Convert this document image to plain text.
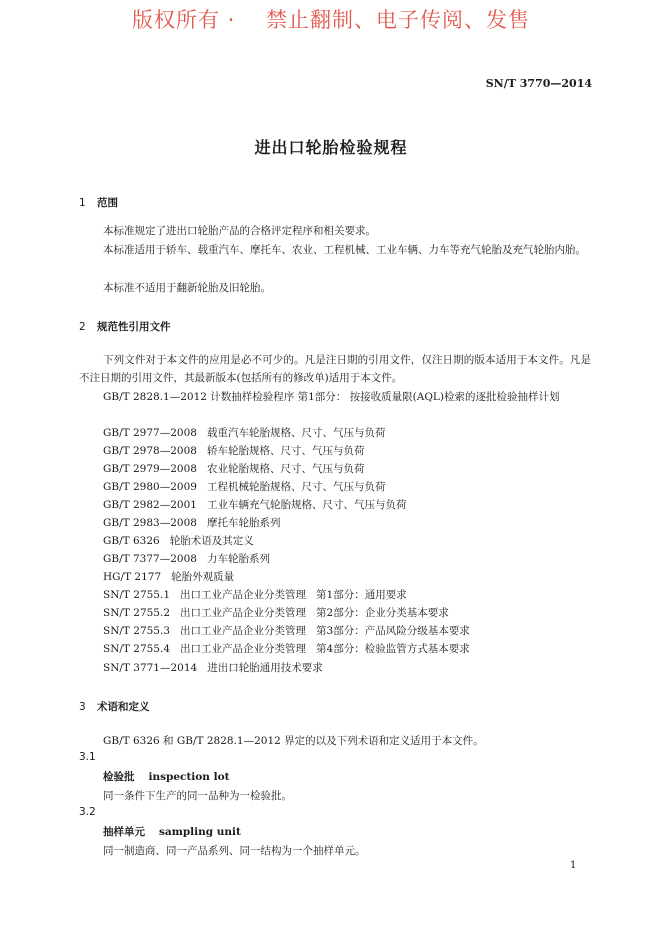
版权所有 ·    禁止翻制、电子传阅、发售
SN/T 3770—2014
进出口轮胎检验规程
1 范围

本标准规定了进出口轮胎产品的合格评定程序和相关要求。

本标准适用于轿车、载重汽车、摩托车、农业、工程机械、工业车辆、力车等充气轮胎及充气轮胎内胎。

本标准不适用于翻新轮胎及旧轮胎。

2 规范性引用文件

下列文件对于本文件的应用是必不可少的。凡是注日期的引用文件，仅注日期的版本适用于本文件。凡是不注日期的引用文件，其最新版本(包括所有的修改单)适用于本文件。

GB/T 2828.1—2012 计数抽样检验程序 第1部分： 按接收质量限(AQL)检索的逐批检验抽样计划

GB/T 2977—2008   载重汽车轮胎规格、尺寸、气压与负荷
GB/T 2978—2008   轿车轮胎规格、尺寸、气压与负荷
GB/T 2979—2008   农业轮胎规格、尺寸、气压与负荷
GB/T 2980—2009   工程机械轮胎规格、尺寸、气压与负荷
GB/T 2982—2001   工业车辆充气轮胎规格、尺寸、气压与负荷
GB/T 2983—2008   摩托车轮胎系列
GB/T 6326   轮胎术语及其定义
GB/T 7377—2008   力车轮胎系列
HG/T 2177   轮胎外观质量
SN/T 2755.1   出口工业产品企业分类管理   第1部分：通用要求
SN/T 2755.2   出口工业产品企业分类管理   第2部分：企业分类基本要求
SN/T 2755.3   出口工业产品企业分类管理   第3部分：产品风险分级基本要求
SN/T 2755.4   出口工业产品企业分类管理   第4部分：检验监管方式基本要求
SN/T 3771—2014   进出口轮胎通用技术要求
3 术语和定义

GB/T 6326 和 GB/T 2828.1—2012 界定的以及下列术语和定义适用于本文件。

3.1
检验批 inspection lot
同一条件下生产的同一品种为一检验批。
3.2
抽样单元 sampling unit
同一制造商、同一产品系列、同一结构为一个抽样单元。
1
